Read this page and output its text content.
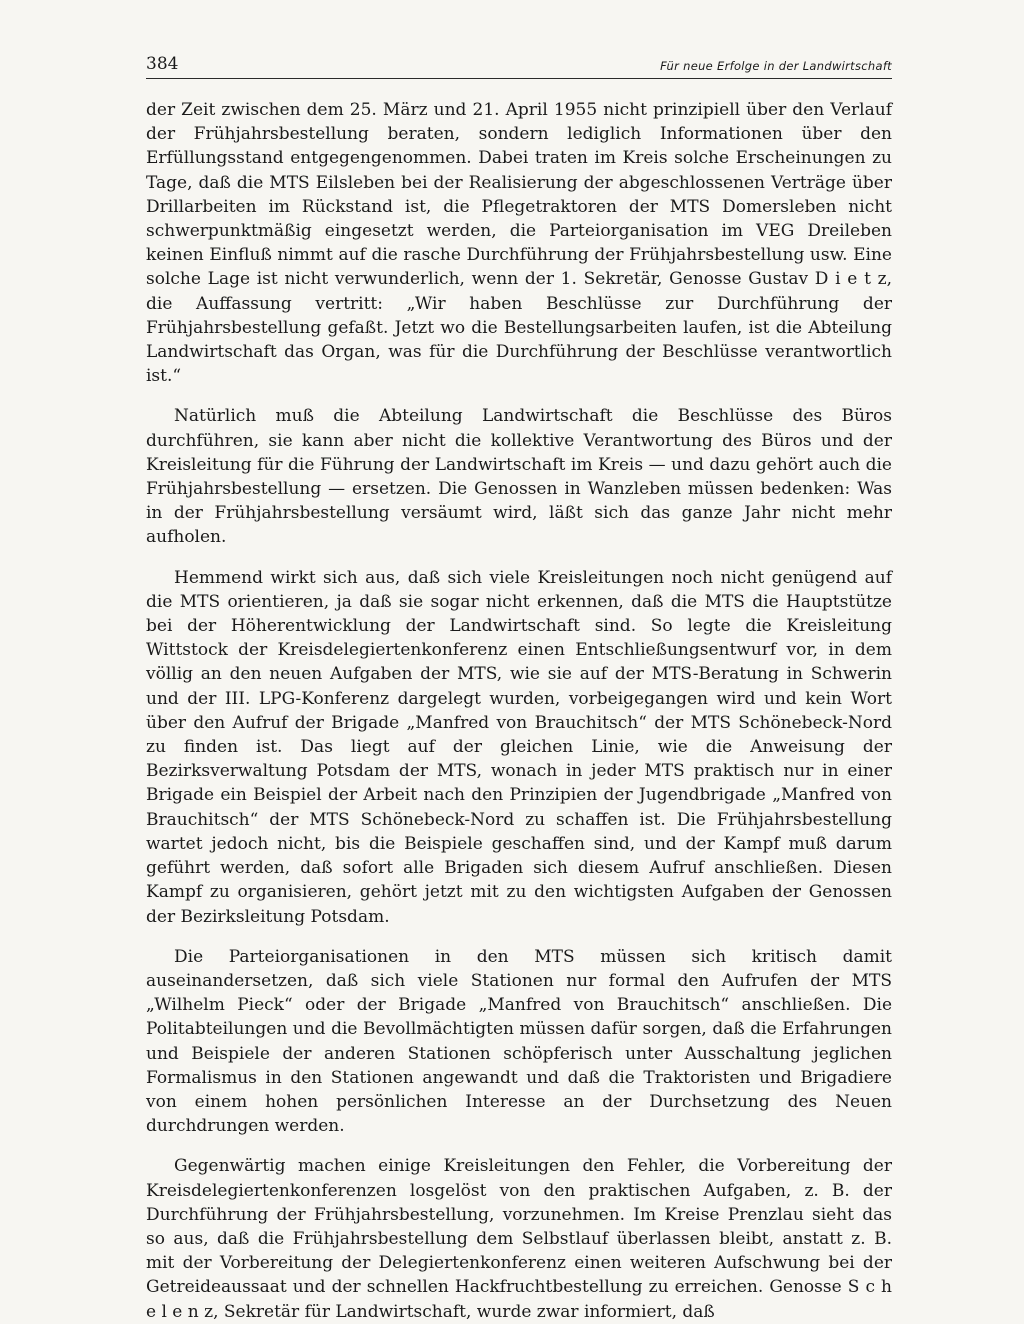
384	Für neue Erfolge in der Landwirtschaft

der Zeit zwischen dem 25. März und 21. April 1955 nicht prinzipiell über den Verlauf der Frühjahrsbestellung beraten, sondern lediglich Informationen über den Erfüllungsstand entgegengenommen. Dabei traten im Kreis solche Erscheinungen zu Tage, daß die MTS Eilsleben bei der Realisierung der abgeschlossenen Verträge über Drillarbeiten im Rückstand ist, die Pflegetraktoren der MTS Domersleben nicht schwerpunktmäßig eingesetzt werden, die Parteiorganisation im VEG Dreileben keinen Einfluß nimmt auf die rasche Durchführung der Frühjahrsbestellung usw. Eine solche Lage ist nicht verwunderlich, wenn der 1. Sekretär, Genosse Gustav D i e t z, die Auffassung vertritt: „Wir haben Beschlüsse zur Durchführung der Frühjahrsbestellung gefaßt. Jetzt wo die Bestellungsarbeiten laufen, ist die Abteilung Landwirtschaft das Organ, was für die Durchführung der Beschlüsse verantwortlich ist.“

Natürlich muß die Abteilung Landwirtschaft die Beschlüsse des Büros durchführen, sie kann aber nicht die kollektive Verantwortung des Büros und der Kreisleitung für die Führung der Landwirtschaft im Kreis — und dazu gehört auch die Frühjahrsbestellung — ersetzen. Die Genossen in Wanzleben müssen bedenken: Was in der Frühjahrsbestellung versäumt wird, läßt sich das ganze Jahr nicht mehr aufholen.

Hemmend wirkt sich aus, daß sich viele Kreisleitungen noch nicht genügend auf die MTS orientieren, ja daß sie sogar nicht erkennen, daß die MTS die Hauptstütze bei der Höherentwicklung der Landwirtschaft sind. So legte die Kreisleitung Wittstock der Kreisdelegiertenkonferenz einen Entschließungsentwurf vor, in dem völlig an den neuen Aufgaben der MTS, wie sie auf der MTS-Beratung in Schwerin und der III. LPG-Konferenz dargelegt wurden, vorbeigegangen wird und kein Wort über den Aufruf der Brigade „Manfred von Brauchitsch“ der MTS Schönebeck-Nord zu finden ist. Das liegt auf der gleichen Linie, wie die Anweisung der Bezirksverwaltung Potsdam der MTS, wonach in jeder MTS praktisch nur in einer Brigade ein Beispiel der Arbeit nach den Prinzipien der Jugendbrigade „Manfred von Brauchitsch“ der MTS Schönebeck-Nord zu schaffen ist. Die Frühjahrsbestellung wartet jedoch nicht, bis die Beispiele geschaffen sind, und der Kampf muß darum geführt werden, daß sofort alle Brigaden sich diesem Aufruf anschließen. Diesen Kampf zu organisieren, gehört jetzt mit zu den wichtigsten Aufgaben der Genossen der Bezirksleitung Potsdam.

Die Parteiorganisationen in den MTS müssen sich kritisch damit auseinandersetzen, daß sich viele Stationen nur formal den Aufrufen der MTS „Wilhelm Pieck“ oder der Brigade „Manfred von Brauchitsch“ anschließen. Die Politabteilungen und die Bevollmächtigten müssen dafür sorgen, daß die Erfahrungen und Beispiele der anderen Stationen schöpferisch unter Ausschaltung jeglichen Formalismus in den Stationen angewandt und daß die Traktoristen und Brigadiere von einem hohen persönlichen Interesse an der Durchsetzung des Neuen durchdrungen werden.

Gegenwärtig machen einige Kreisleitungen den Fehler, die Vorbereitung der Kreisdelegiertenkonferenzen losgelöst von den praktischen Aufgaben, z. B. der Durchführung der Frühjahrsbestellung, vorzunehmen. Im Kreise Prenzlau sieht das so aus, daß die Frühjahrsbestellung dem Selbstlauf überlassen bleibt, anstatt z. B. mit der Vorbereitung der Delegiertenkonferenz einen weiteren Aufschwung bei der Getreideaussaat und der schnellen Hackfruchtbestellung zu erreichen. Genosse S c h e l e n z, Sekretär für Landwirtschaft, wurde zwar informiert, daß
